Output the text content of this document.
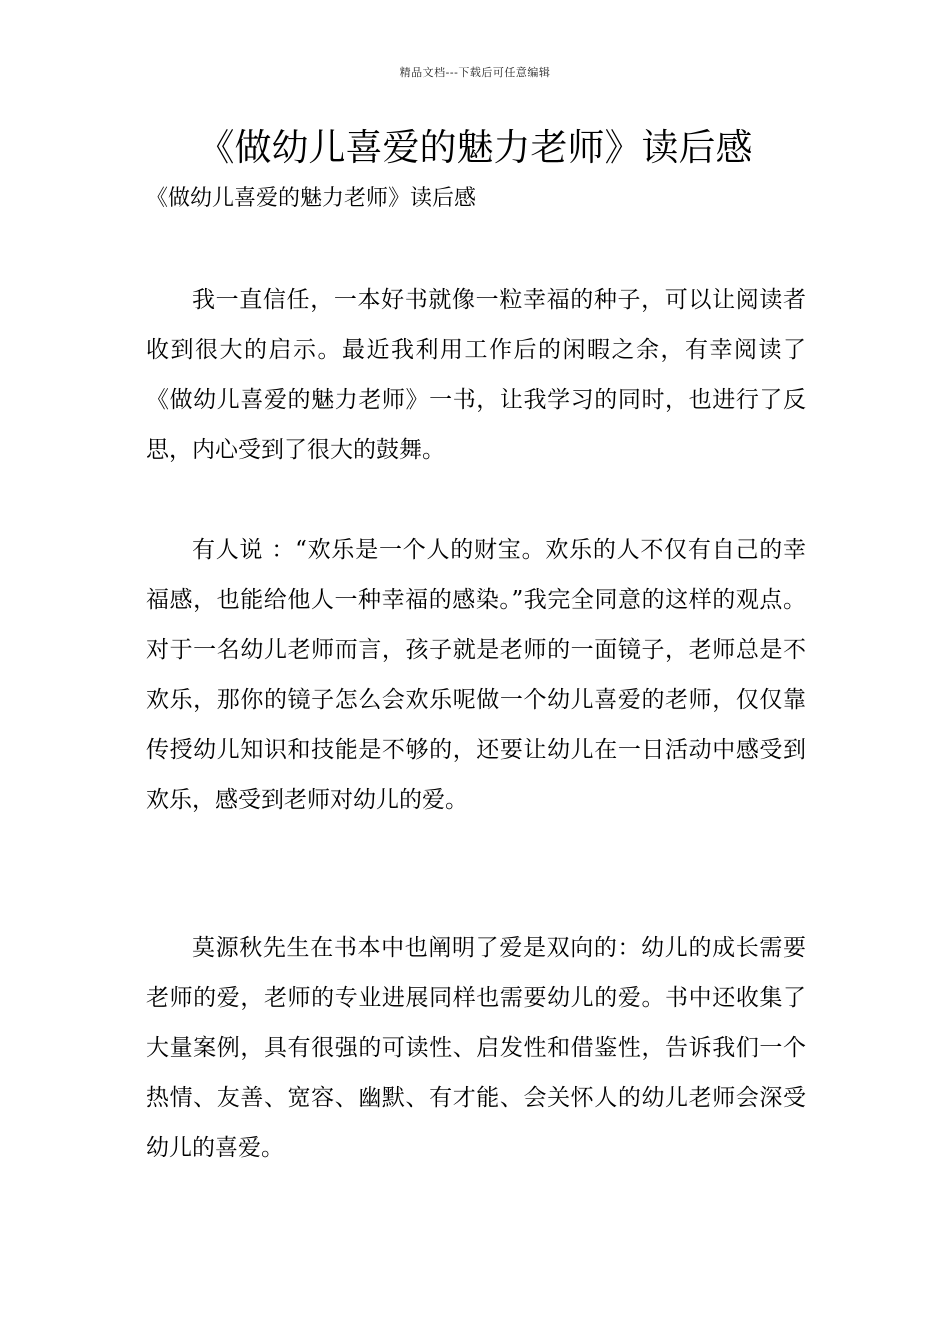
精品文档---下载后可任意编辑
《做幼儿喜爱的魅力老师》读后感

《做幼儿喜爱的魅力老师》读后感

我一直信任，一本好书就像一粒幸福的种子，可以让阅读者收到很大的启示。最近我利用工作后的闲暇之余，有幸阅读了《做幼儿喜爱的魅力老师》一书，让我学习的同时，也进行了反思，内心受到了很大的鼓舞。

有人说 ：“欢乐是一个人的财宝。欢乐的人不仅有自己的幸福感，也能给他人一种幸福的感染。”我完全同意的这样的观点。对于一名幼儿老师而言，孩子就是老师的一面镜子，老师总是不欢乐，那你的镜子怎么会欢乐呢做一个幼儿喜爱的老师，仅仅靠传授幼儿知识和技能是不够的，还要让幼儿在一日活动中感受到欢乐，感受到老师对幼儿的爱。

莫源秋先生在书本中也阐明了爱是双向的：幼儿的成长需要老师的爱，老师的专业进展同样也需要幼儿的爱。书中还收集了大量案例，具有很强的可读性、启发性和借鉴性，告诉我们一个热情、友善、宽容、幽默、有才能、会关怀人的幼儿老师会深受幼儿的喜爱。
